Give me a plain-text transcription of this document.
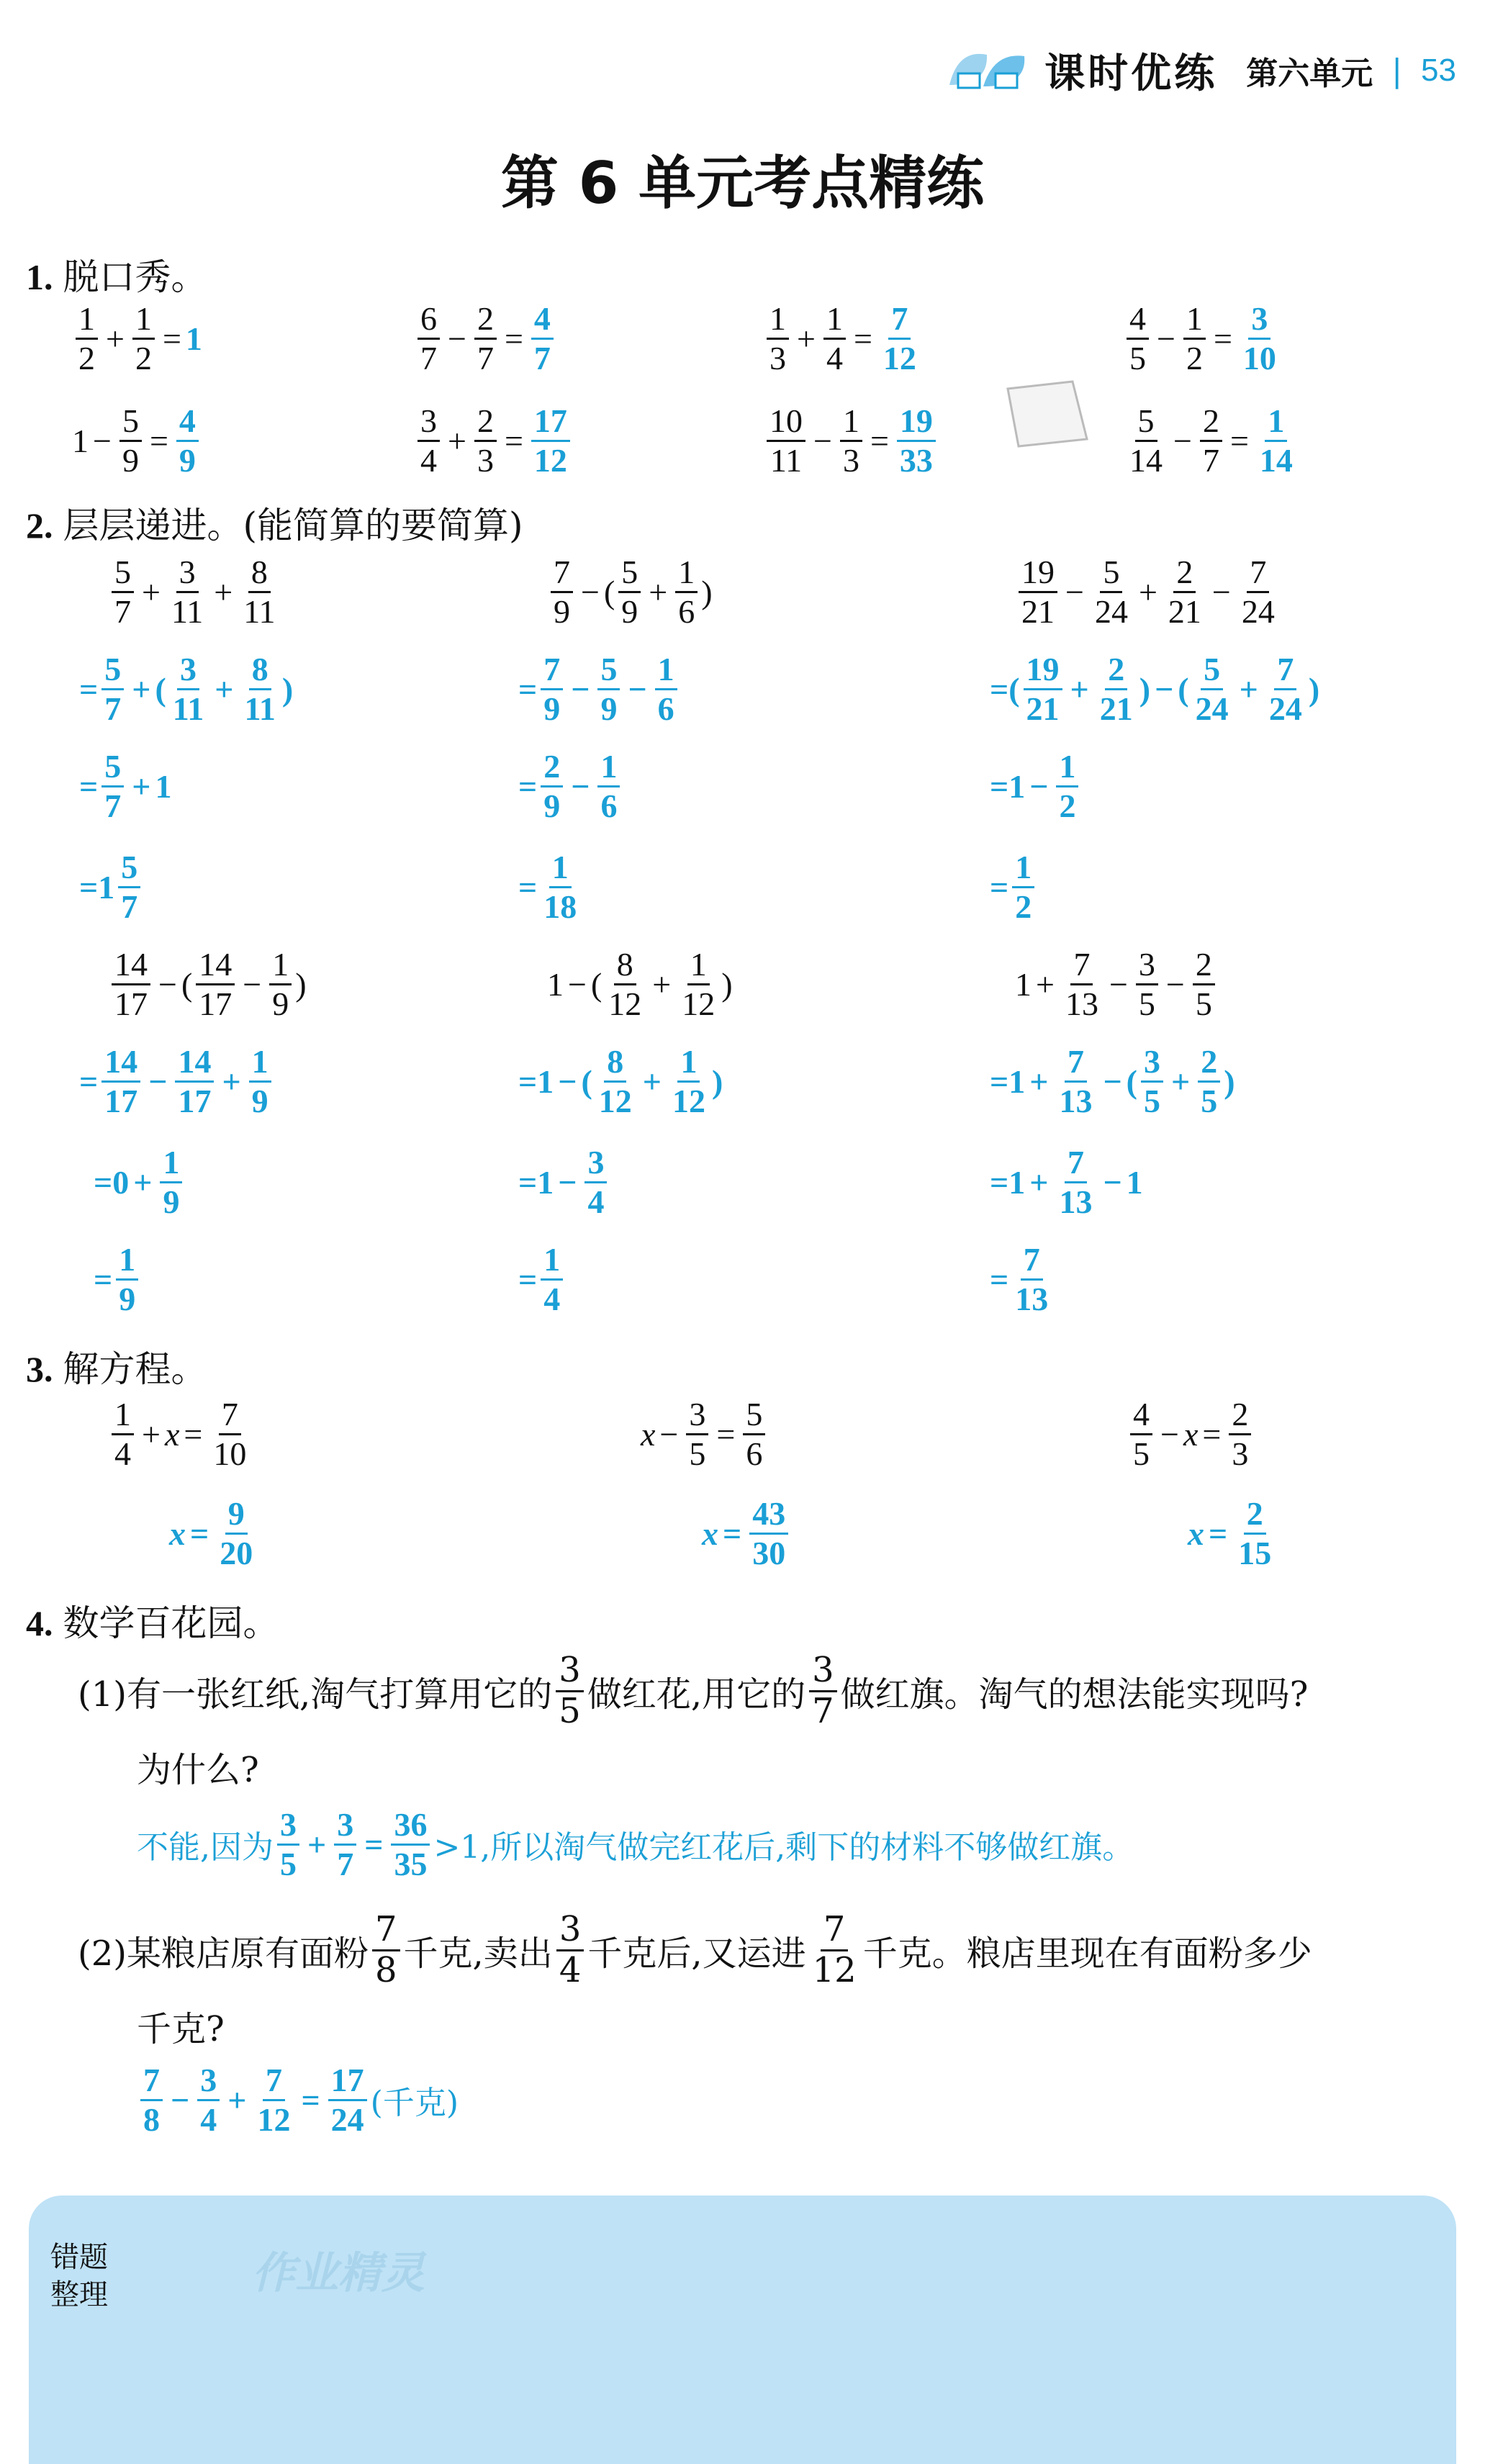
课时优练 第六单元 | 53
第 6 单元考点精练
1. 脱口秀。
$\frac{1}{2} + \frac{1}{2} = 1$	$\frac{6}{7} - \frac{2}{7} = \frac{4}{7}$	$\frac{1}{3} + \frac{1}{4} = \frac{7}{12}$	$\frac{4}{5} - \frac{1}{2} = \frac{3}{10}$
$1 - \frac{5}{9} = \frac{4}{9}$	$\frac{3}{4} + \frac{2}{3} = \frac{17}{12}$	$\frac{10}{11} - \frac{1}{3} = \frac{19}{33}$	$\frac{5}{14} - \frac{2}{7} = \frac{1}{14}$
2. 层层递进。(能简算的要简算)
$\frac{5}{7} + \frac{3}{11} + \frac{8}{11}$
= $\frac{5}{7}$ + ( $\frac{3}{11} + \frac{8}{11}$ )
= $\frac{5}{7} + 1$
$=1 \frac{5}{7}$
$\frac{7}{9}$ − ( $\frac{5}{9} + \frac{1}{6}$ )
= $\frac{7}{9} - \frac{5}{9} - \frac{1}{6}$
= $\frac{2}{9} - \frac{1}{6}$
= $\frac{1}{18}$
$\frac{19}{21} - \frac{5}{24} + \frac{2}{21} - \frac{7}{24}$
=( $\frac{19}{21} + \frac{2}{21}$ ) − ( $\frac{5}{24} + \frac{7}{24}$ )
$=1 - \frac{1}{2}$
= $\frac{1}{2}$
$\frac{14}{17}$ − ( $\frac{14}{17} - \frac{1}{9}$ )
= $\frac{14}{17} - \frac{14}{17} + \frac{1}{9}$
$=0 + \frac{1}{9}$
= $\frac{1}{9}$
1 − ( $\frac{8}{12} + \frac{1}{12}$ )
=1 − ( $\frac{8}{12} + \frac{1}{12}$ )
$=1 - \frac{3}{4}$
= $\frac{1}{4}$
$1 + \frac{7}{13} - \frac{3}{5} - \frac{2}{5}$
$=1 + \frac{7}{13}$ − ( $\frac{3}{5} + \frac{2}{5}$ )
$=1 + \frac{7}{13} - 1$
= $\frac{7}{13}$
3. 解方程。
$\frac{1}{4} + x = \frac{7}{10}$
$x = \frac{9}{20}$
$x - \frac{3}{5} = \frac{5}{6}$
$x = \frac{43}{30}$
$\frac{4}{5} - x = \frac{2}{3}$
$x = \frac{2}{15}$
4. 数学百花园。
(1)有一张红纸,淘气打算用它的 $\frac{3}{5}$ 做红花,用它的 $\frac{3}{7}$ 做红旗。淘气的想法能实现吗?
为什么?
不能,因为 $\frac{3}{5} + \frac{3}{7} = \frac{36}{35} >1$,所以淘气做完红花后,剩下的材料不够做红旗。
(2)某粮店原有面粉 $\frac{7}{8}$ 千克,卖出 $\frac{3}{4}$ 千克后,又运进 $\frac{7}{12}$ 千克。粮店里现在有面粉多少
千克?
$\frac{7}{8} - \frac{3}{4} + \frac{7}{12} = \frac{17}{24}$ (千克)
错题
整理	作业精灵
